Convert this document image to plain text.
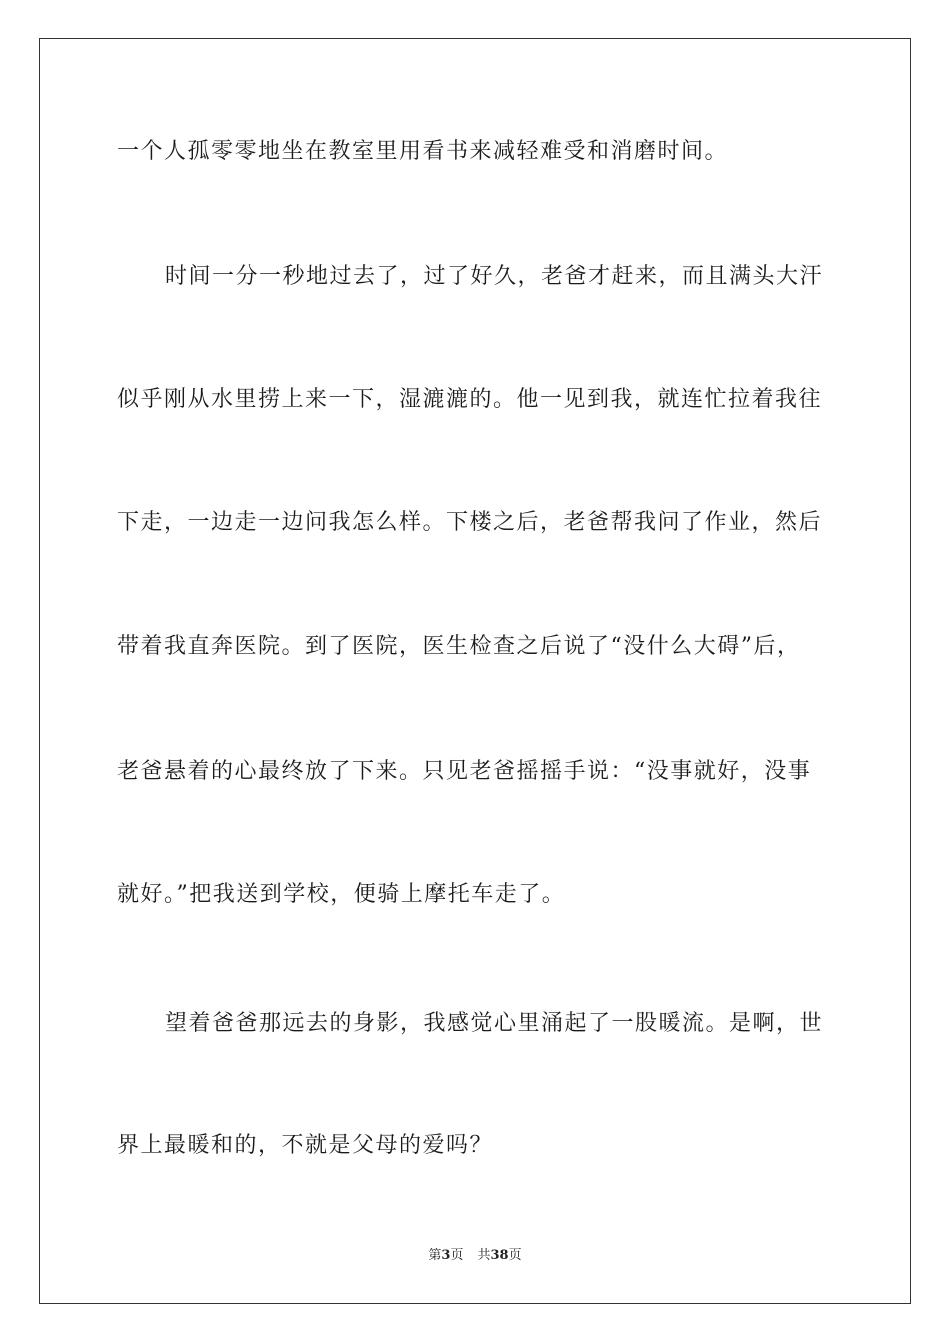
一个人孤零零地坐在教室里用看书来减轻难受和消磨时间。
时间一分一秒地过去了，过了好久，老爸才赶来，而且满头大汗
似乎刚从水里捞上来一下，湿漉漉的。他一见到我，就连忙拉着我往
下走，一边走一边问我怎么样。下楼之后，老爸帮我问了作业，然后
带着我直奔医院。到了医院，医生检查之后说了“没什么大碍”后，
老爸悬着的心最终放了下来。只见老爸摇摇手说：“没事就好，没事
就好。”把我送到学校，便骑上摩托车走了。
望着爸爸那远去的身影，我感觉心里涌起了一股暖流。是啊，世
界上最暖和的，不就是父母的爱吗？
第3页 共38页
